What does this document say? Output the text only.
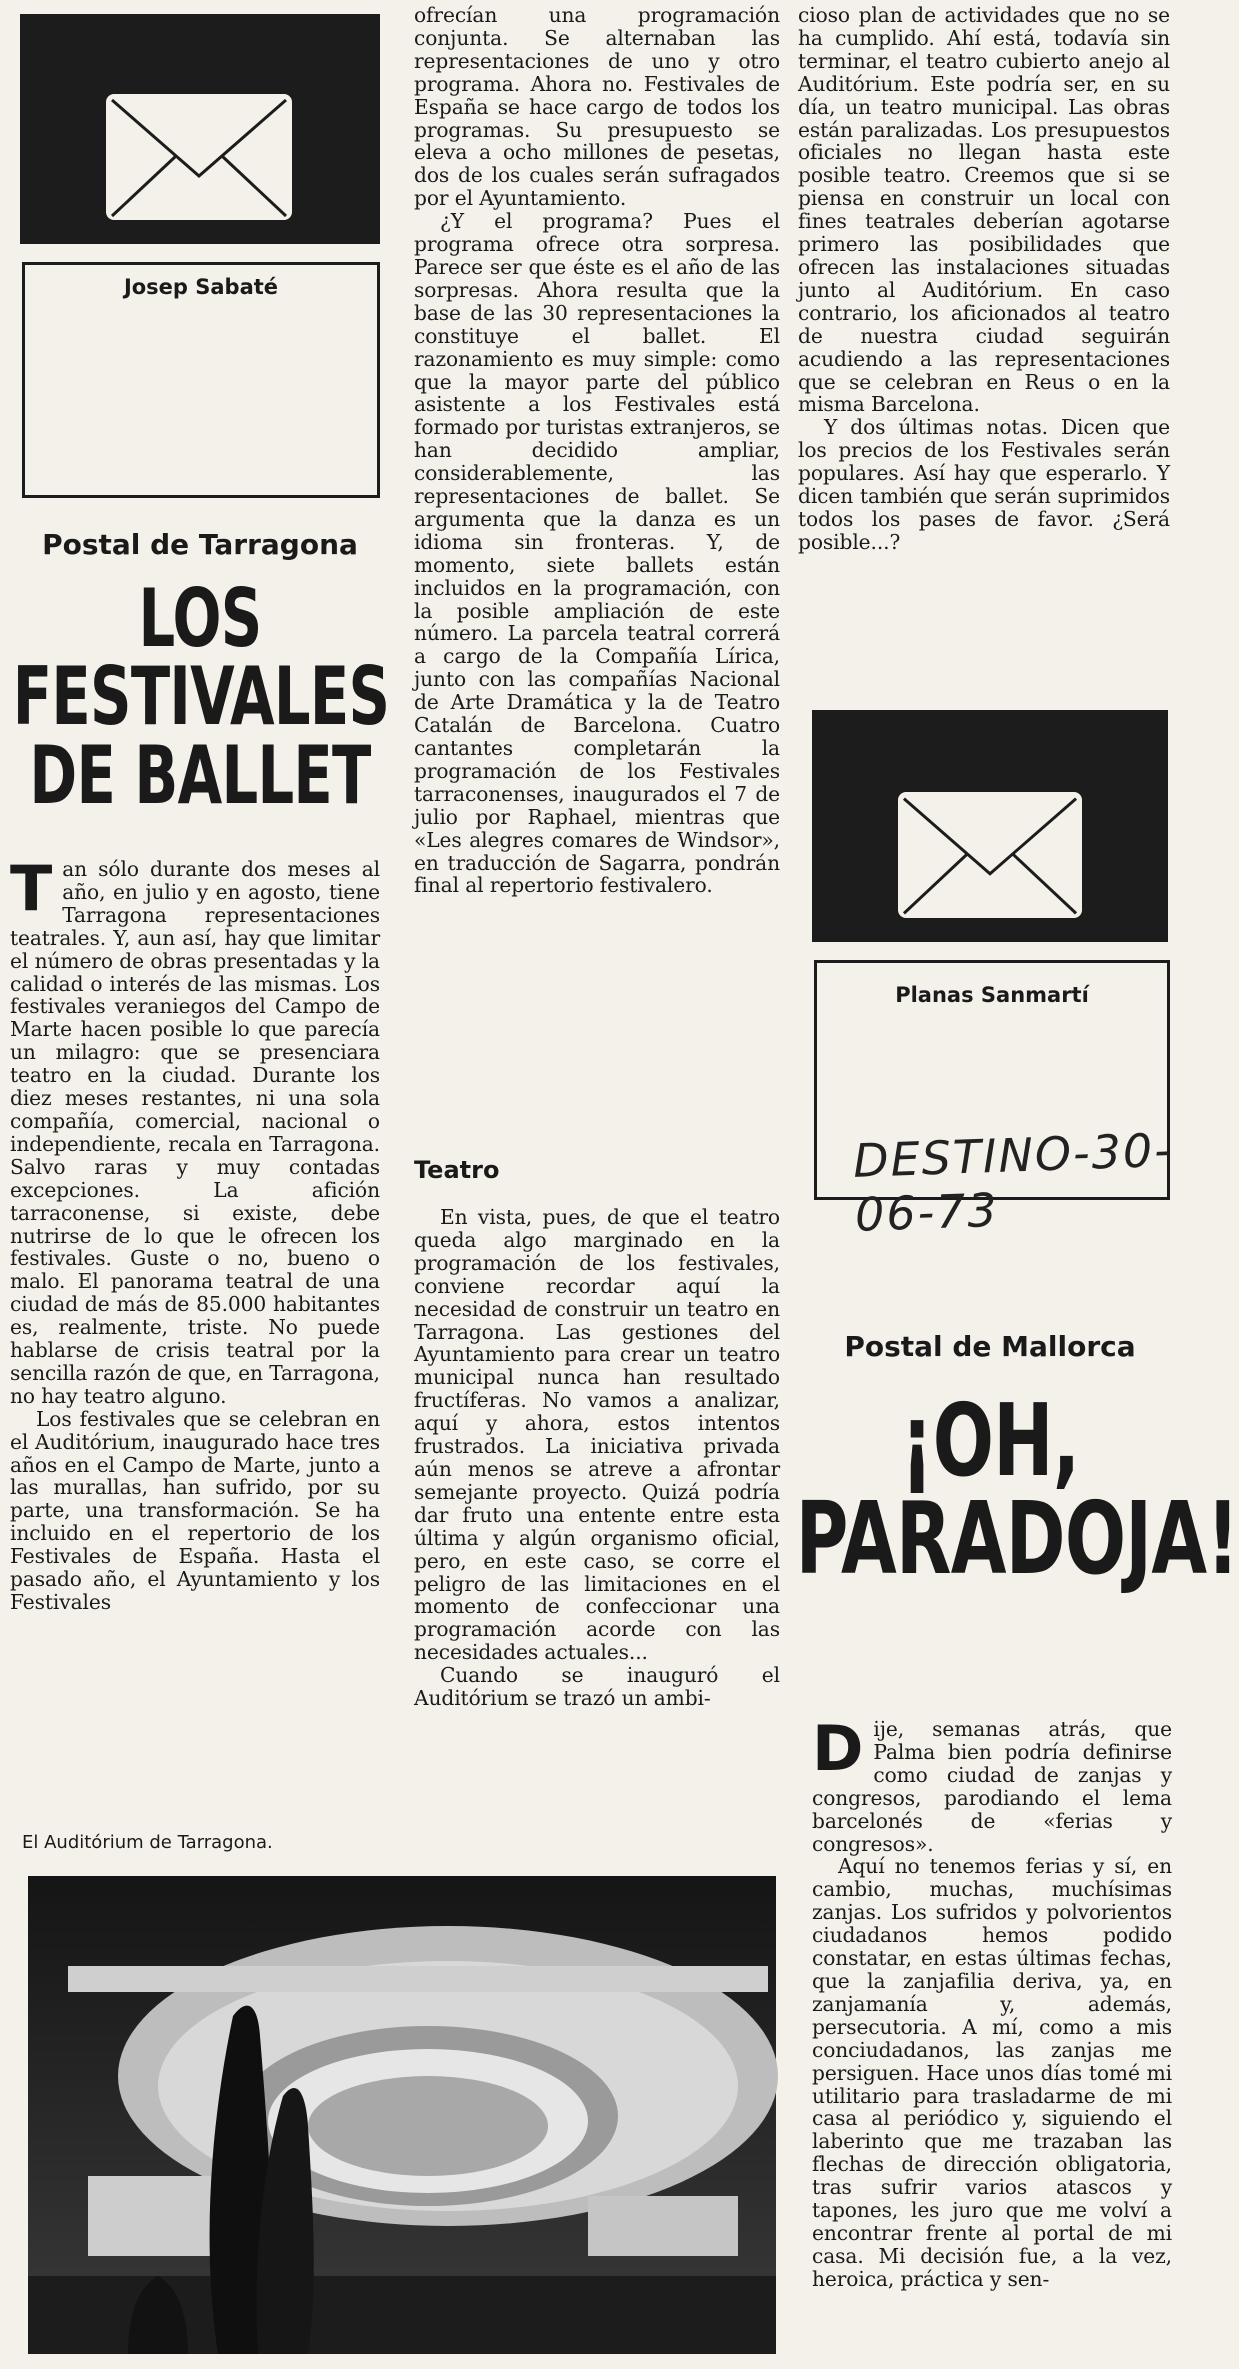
Josep Sabaté
Postal de Tarragona
LOS
FESTIVALES
DE BALLET

Tan sólo durante dos meses al año, en julio y en agosto, tiene Tarragona representaciones teatrales. Y, aun así, hay que limitar el número de obras presentadas y la calidad o interés de las mismas. Los festivales veraniegos del Campo de Marte hacen posible lo que parecía un milagro: que se presenciara teatro en la ciudad. Durante los diez meses restantes, ni una sola compañía, comercial, nacional o independiente, recala en Tarragona. Salvo raras y muy contadas excepciones. La afición tarraconense, si existe, debe nutrirse de lo que le ofrecen los festivales. Guste o no, bueno o malo. El panorama teatral de una ciudad de más de 85.000 habitantes es, realmente, triste. No puede hablarse de crisis teatral por la sencilla razón de que, en Tarragona, no hay teatro alguno.

Los festivales que se celebran en el Auditórium, inaugurado hace tres años en el Campo de Marte, junto a las murallas, han sufrido, por su parte, una transformación. Se ha incluido en el repertorio de los Festivales de España. Hasta el pasado año, el Ayuntamiento y los Festivales

El Auditórium de Tarragona.

ofrecían una programación conjunta. Se alternaban las representaciones de uno y otro programa. Ahora no. Festivales de España se hace cargo de todos los programas. Su presupuesto se eleva a ocho millones de pesetas, dos de los cuales serán sufragados por el Ayuntamiento.

¿Y el programa? Pues el programa ofrece otra sorpresa. Parece ser que éste es el año de las sorpresas. Ahora resulta que la base de las 30 representaciones la constituye el ballet. El razonamiento es muy simple: como que la mayor parte del público asistente a los Festivales está formado por turistas extranjeros, se han decidido ampliar, considerablemente, las representaciones de ballet. Se argumenta que la danza es un idioma sin fronteras. Y, de momento, siete ballets están incluidos en la programación, con la posible ampliación de este número. La parcela teatral correrá a cargo de la Compañía Lírica, junto con las compañías Nacional de Arte Dramática y la de Teatro Catalán de Barcelona. Cuatro cantantes completarán la programación de los Festivales tarraconenses, inaugurados el 7 de julio por Raphael, mientras que «Les alegres comares de Windsor», en traducción de Sagarra, pondrán final al repertorio festivalero.

Teatro

En vista, pues, de que el teatro queda algo marginado en la programación de los festivales, conviene recordar aquí la necesidad de construir un teatro en Tarragona. Las gestiones del Ayuntamiento para crear un teatro municipal nunca han resultado fructíferas. No vamos a analizar, aquí y ahora, estos intentos frustrados. La iniciativa privada aún menos se atreve a afrontar semejante proyecto. Quizá podría dar fruto una entente entre esta última y algún organismo oficial, pero, en este caso, se corre el peligro de las limitaciones en el momento de confeccionar una programación acorde con las necesidades actuales...

Cuando se inauguró el Auditórium se trazó un ambi-

cioso plan de actividades que no se ha cumplido. Ahí está, todavía sin terminar, el teatro cubierto anejo al Auditórium. Este podría ser, en su día, un teatro municipal. Las obras están paralizadas. Los presupuestos oficiales no llegan hasta este posible teatro. Creemos que si se piensa en construir un local con fines teatrales deberían agotarse primero las posibilidades que ofrecen las instalaciones situadas junto al Auditórium. En caso contrario, los aficionados al teatro de nuestra ciudad seguirán acudiendo a las representaciones que se celebran en Reus o en la misma Barcelona.

Y dos últimas notas. Dicen que los precios de los Festivales serán populares. Así hay que esperarlo. Y dicen también que serán suprimidos todos los pases de favor. ¿Será posible...?

Planas Sanmartí
DESTINO-30-06-73
Postal de Mallorca
¡OH,
PARADOJA!

Dije, semanas atrás, que Palma bien podría definirse como ciudad de zanjas y congresos, parodiando el lema barcelonés de «ferias y congresos».

Aquí no tenemos ferias y sí, en cambio, muchas, muchísimas zanjas. Los sufridos y polvorientos ciudadanos hemos podido constatar, en estas últimas fechas, que la zanjafilia deriva, ya, en zanjamanía y, además, persecutoria. A mí, como a mis conciudadanos, las zanjas me persiguen. Hace unos días tomé mi utilitario para trasladarme de mi casa al periódico y, siguiendo el laberinto que me trazaban las flechas de dirección obligatoria, tras sufrir varios atascos y tapones, les juro que me volví a encontrar frente al portal de mi casa. Mi decisión fue, a la vez, heroica, práctica y sen-
